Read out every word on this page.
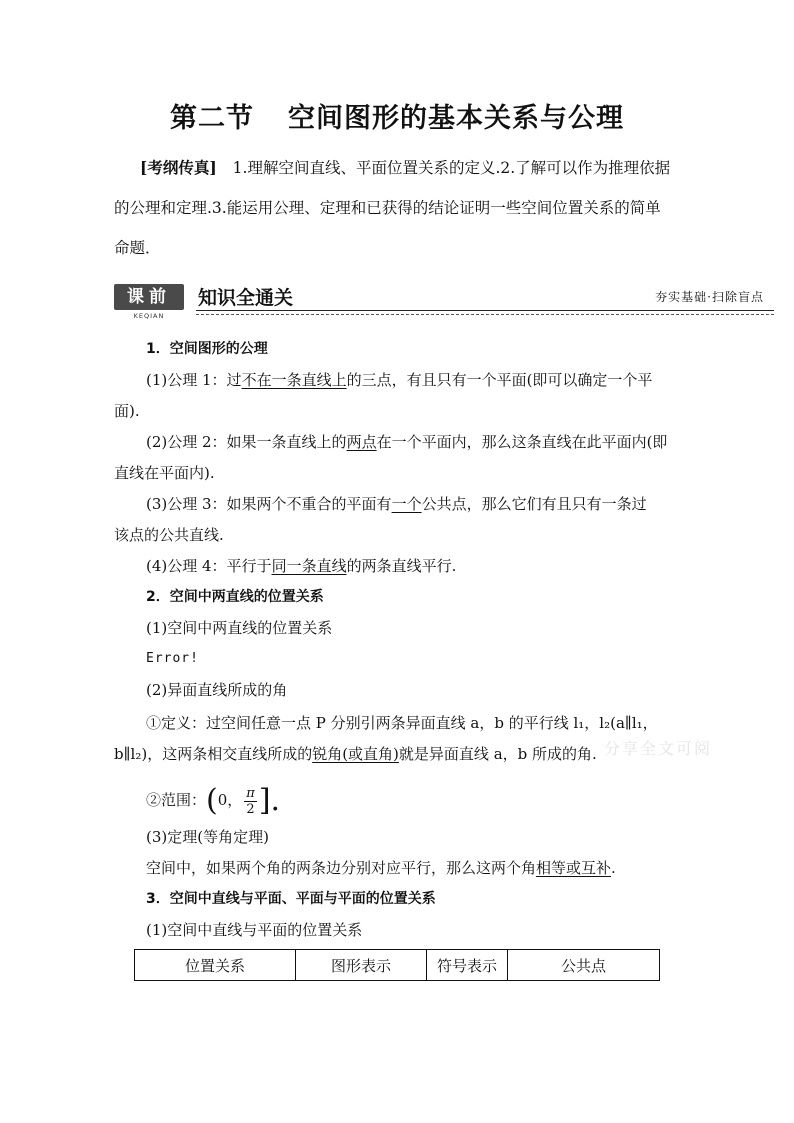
第二节 空间图形的基本关系与公理
[考纲传真] 1.理解空间直线、平面位置关系的定义.2.了解可以作为推理依据
的公理和定理.3.能运用公理、定理和已获得的结论证明一些空间位置关系的简单
命题．
课前
KEQIAN
知识全通关	夯实基础·扫除盲点
1．空间图形的公理
(1)公理 1：过不在一条直线上的三点，有且只有一个平面(即可以确定一个平
面).
(2)公理 2：如果一条直线上的两点在一个平面内，那么这条直线在此平面内(即
直线在平面内).
(3)公理 3：如果两个不重合的平面有一个公共点，那么它们有且只有一条过
该点的公共直线.
(4)公理 4：平行于同一条直线的两条直线平行.
2．空间中两直线的位置关系
(1)空间中两直线的位置关系
Error!
(2)异面直线所成的角
①定义：过空间任意一点 P 分别引两条异面直线 a，b 的平行线 l₁，l₂(a∥l₁，
b∥l₂)，这两条相交直线所成的锐角(或直角)就是异面直线 a，b 所成的角.
②范围：(0， $\frac{\pi}{2}$ ].
分享全文可阅
(3)定理(等角定理)
空间中，如果两个角的两条边分别对应平行，那么这两个角相等或互补.
3．空间中直线与平面、平面与平面的位置关系
(1)空间中直线与平面的位置关系
位置关系	图形表示	符号表示	公共点
